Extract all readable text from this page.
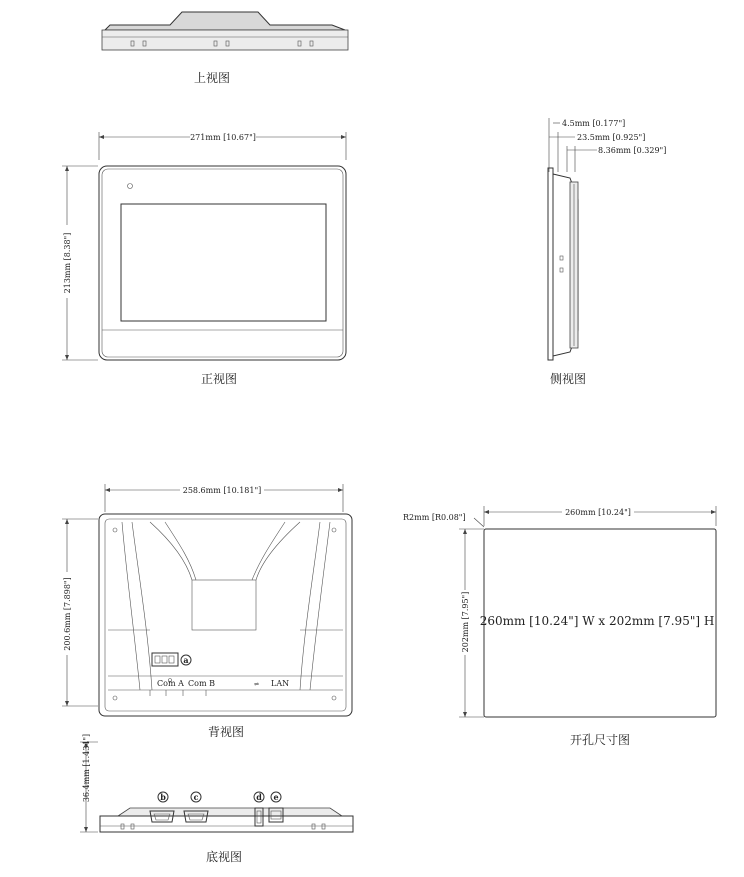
上视图
271mm [10.67"]
213mm [8.38"]
正视图
4.5mm [0.177"]
23.5mm [0.925"]
8.36mm [0.329"]
侧视图
258.6mm [10.181"]
200.6mm [7.898"]
a
Com A Com B	⇌ LAN
背视图
R2mm [R0.08"]
260mm [10.24"]
202mm [7.95"] 260mm [10.24"] W x 202mm [7.95"] H
开孔尺寸图
36.4mm [1.434"]	b	c	d e
底视图
